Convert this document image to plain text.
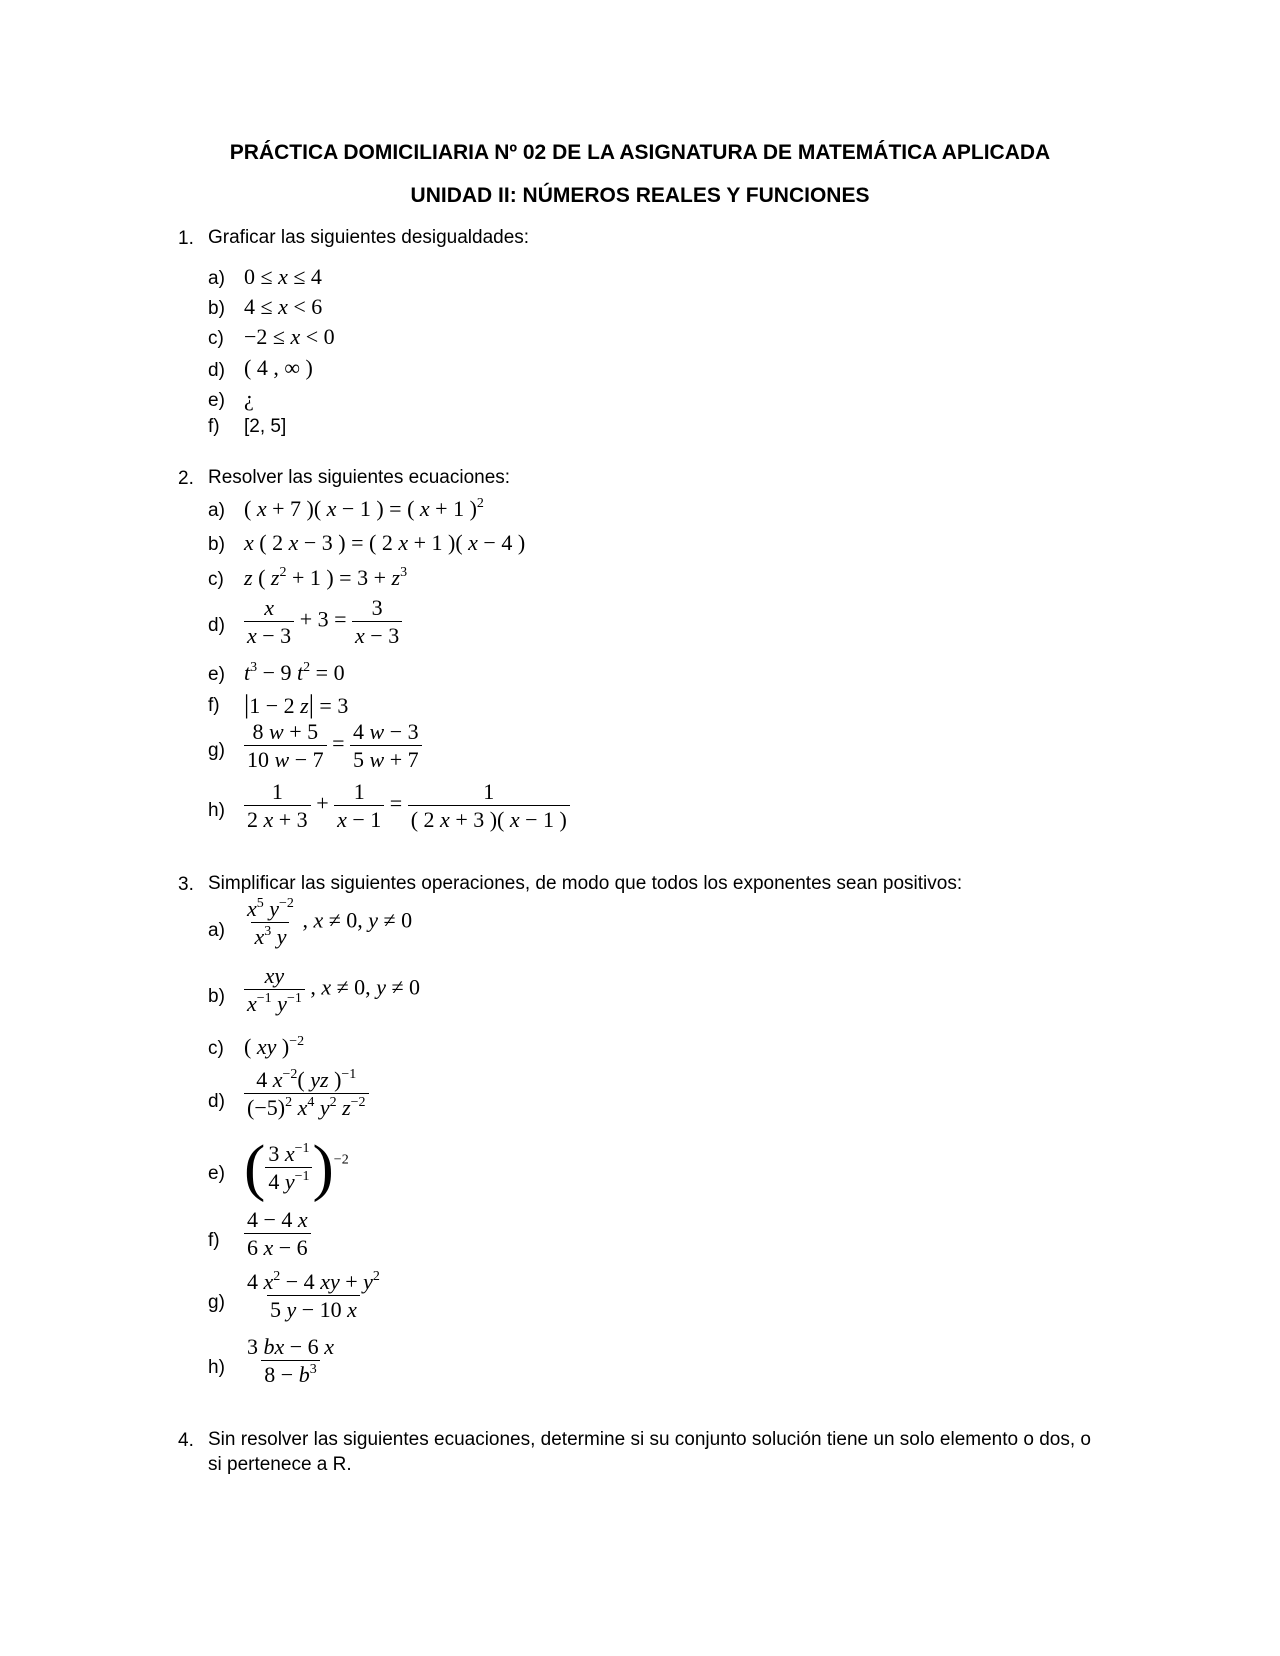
PRÁCTICA DOMICILIARIA Nº 02 DE LA ASIGNATURA DE MATEMÁTICA APLICADA
UNIDAD II: NÚMEROS REALES Y FUNCIONES
1. Graficar las siguientes desigualdades:
a) 0 ≤ x ≤ 4
b) 4 ≤ x < 6
c) −2 ≤ x < 0
d) ( 4 , ∞ )
e) ¿
f) [2, 5]
2. Resolver las siguientes ecuaciones:
a) ( x + 7 )( x − 1 ) = ( x + 1 )$^2$
b) x ( 2 x − 3 ) = ( 2 x + 1 )( x − 4 )
c) z ( $z^2 + 1$ ) = $3 + z^3$
$d) \frac{x}{x - 3} + 3 = \frac{3}{x - 3}$
e) $t^3 - 9$ $t^2 = 0$
f) |1 − 2 z| = 3
$g) \frac{8 w + 5}{10 w - 7} = \frac{4 w - 3}{5 w + 7}$
$h) \frac{1}{2 x + 3} + \frac{1}{x - 1} = \frac{1}{( 2 x + 3 )( x - 1 )}$
3. Simplificar las siguientes operaciones, de modo que todos los exponentes sean positivos:
$a) \frac{x^5 y^{-2}}{x^3 y}$ , x ≠ 0, y ≠ 0
$b) \frac{xy}{x^{-1} y^{-1}}$ , x ≠ 0, y ≠ 0
c) ( xy )$^{-2}$
$d) \frac{4 x^{-2}( yz )^{-1}}{(-5)^2 x^4 y^2 z^{-2}}$
e) ( $\frac{3 x^{-1}}{4 y^{-1}} )^{-2}$
$f) \frac{4 - 4 x}{6 x - 6}$
$g) \frac{4 x^2 - 4 xy + y^2}{5 y - 10 x}$
$h) \frac{3 bx - 6 x}{8 - b^3}$
4. Sin resolver las siguientes ecuaciones, determine si su conjunto solución tiene un solo elemento o dos, o si pertenece a R.
